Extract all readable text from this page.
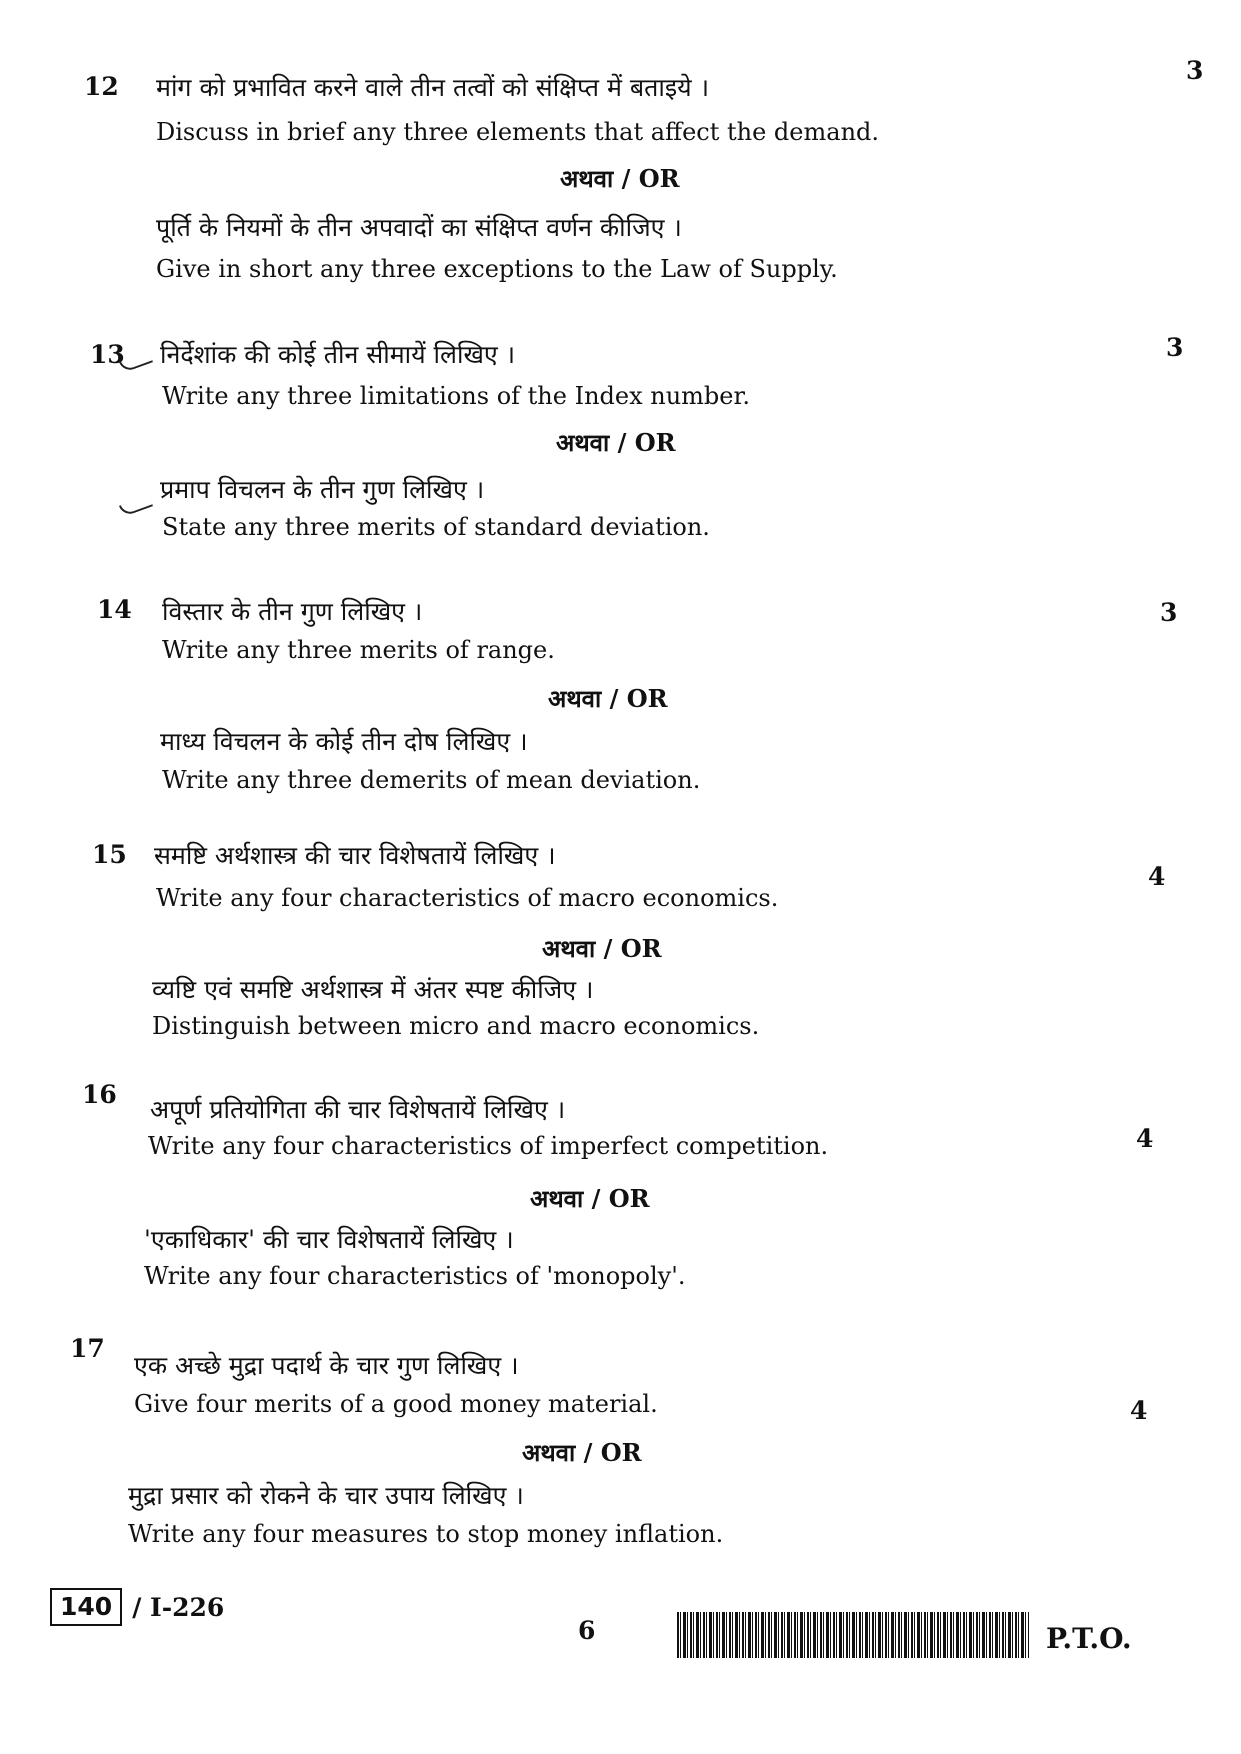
12
3
मांग को प्रभावित करने वाले तीन तत्वों को संक्षिप्त में बताइये ।
Discuss in brief any three elements that affect the demand.
अथवा / OR
पूर्ति के नियमों के तीन अपवादों का संक्षिप्त वर्णन कीजिए ।
Give in short any three exceptions to the Law of Supply.
13	3
निर्देशांक की कोई तीन सीमायें लिखिए ।
Write any three limitations of the Index number.
अथवा / OR
प्रमाप विचलन के तीन गुण लिखिए ।
State any three merits of standard deviation.
14	3
विस्तार के तीन गुण लिखिए ।
Write any three merits of range.
अथवा / OR
माध्य विचलन के कोई तीन दोष लिखिए ।
Write any three demerits of mean deviation.
15
4
समष्टि अर्थशास्त्र की चार विशेषतायें लिखिए ।
Write any four characteristics of macro economics.
अथवा / OR
व्यष्टि एवं समष्टि अर्थशास्त्र में अंतर स्पष्ट कीजिए ।
Distinguish between micro and macro economics.
16
4
अपूर्ण प्रतियोगिता की चार विशेषतायें लिखिए ।
Write any four characteristics of imperfect competition.
अथवा / OR
'एकाधिकार' की चार विशेषतायें लिखिए ।
Write any four characteristics of 'monopoly'.
17
4
एक अच्छे मुद्रा पदार्थ के चार गुण लिखिए ।
Give four merits of a good money material.
अथवा / OR
मुद्रा प्रसार को रोकने के चार उपाय लिखिए ।
Write any four measures to stop money inflation.
140 / I-226
6	P.T.O.
